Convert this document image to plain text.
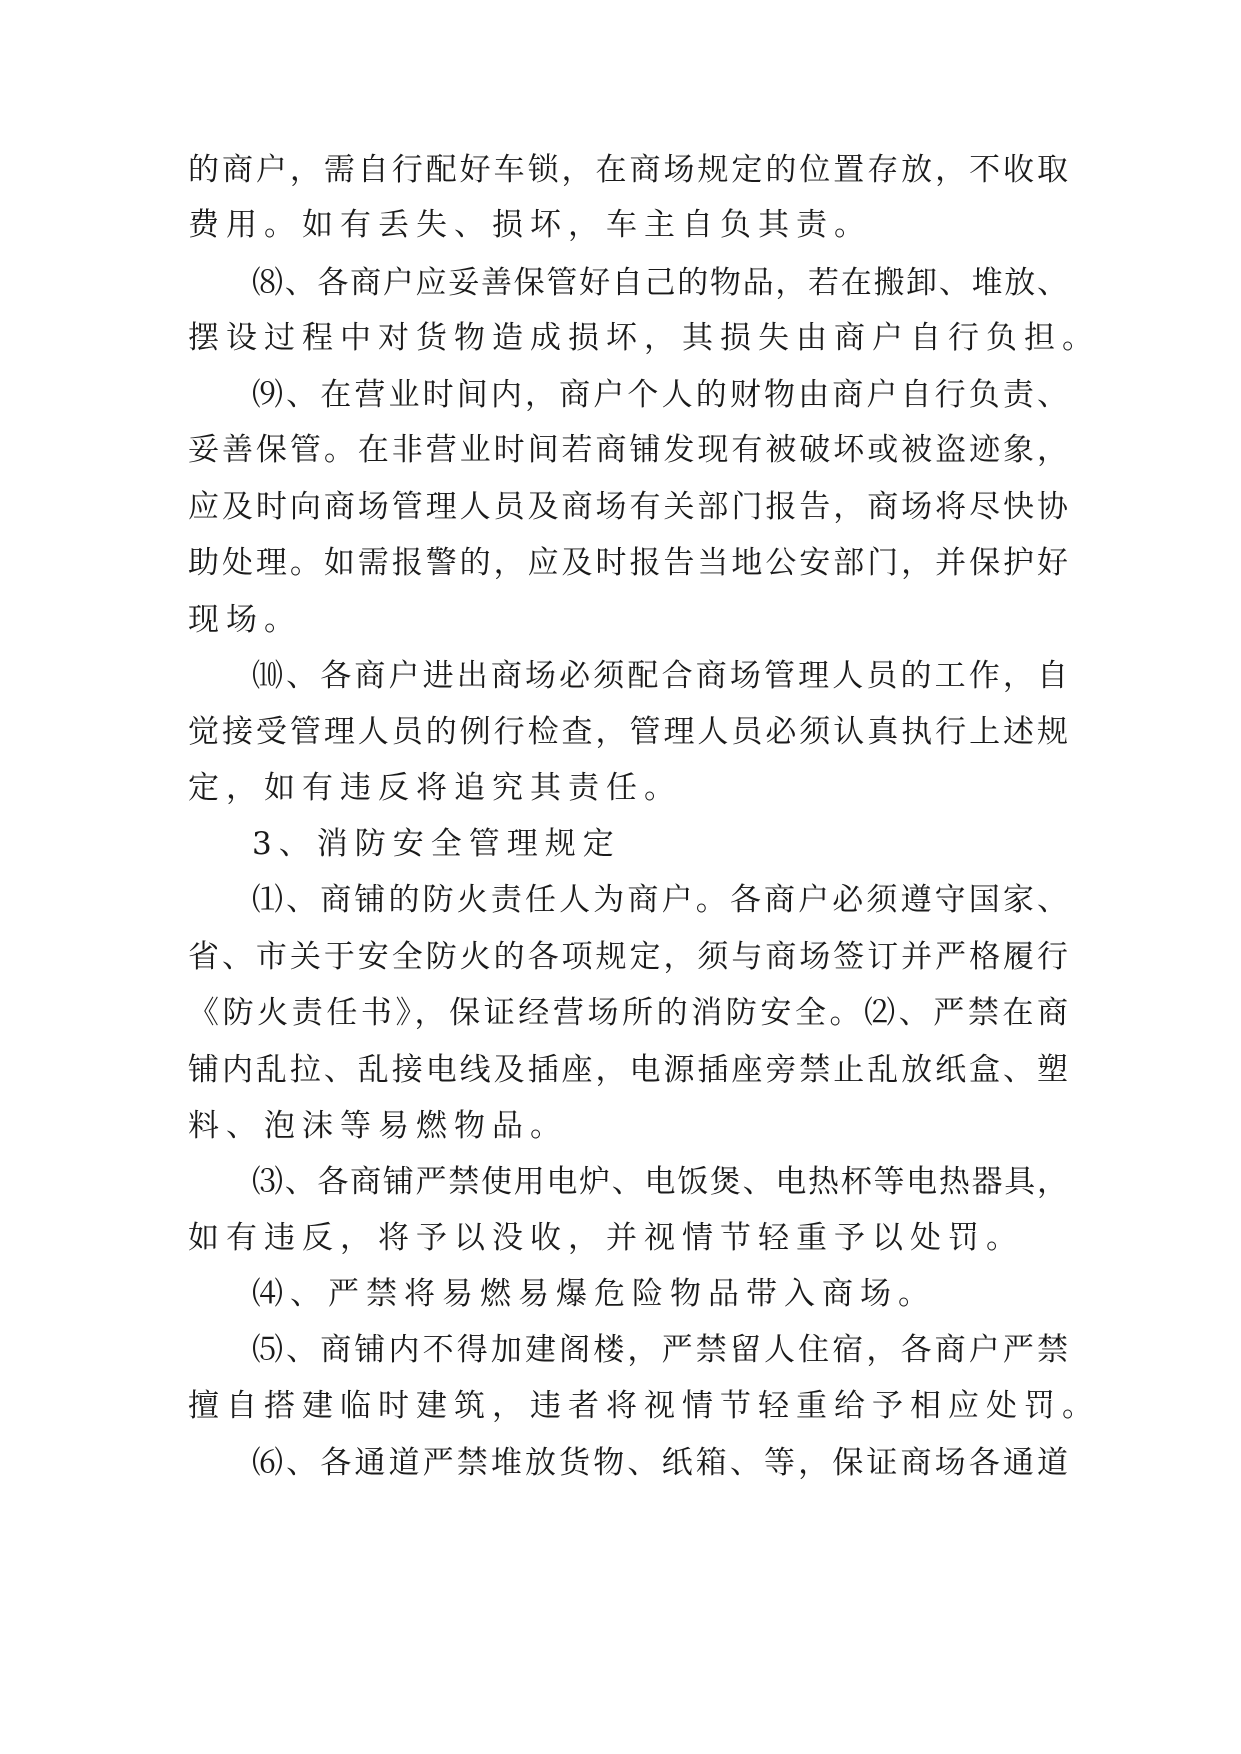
的商户，需自行配好车锁，在商场规定的位置存放，不收取
费用。如有丢失、损坏，车主自负其责。
⑻、各商户应妥善保管好自己的物品，若在搬卸、堆放、
摆设过程中对货物造成损坏，其损失由商户自行负担。
⑼、在营业时间内，商户个人的财物由商户自行负责、
妥善保管。在非营业时间若商铺发现有被破坏或被盗迹象，
应及时向商场管理人员及商场有关部门报告，商场将尽快协
助处理。如需报警的，应及时报告当地公安部门，并保护好
现场。
⑽、各商户进出商场必须配合商场管理人员的工作，自
觉接受管理人员的例行检查，管理人员必须认真执行上述规
定，如有违反将追究其责任。
3、消防安全管理规定
⑴、商铺的防火责任人为商户。各商户必须遵守国家、
省、市关于安全防火的各项规定，须与商场签订并严格履行
《防火责任书》，保证经营场所的消防安全。⑵、严禁在商
铺内乱拉、乱接电线及插座，电源插座旁禁止乱放纸盒、塑
料、泡沫等易燃物品。
⑶、各商铺严禁使用电炉、电饭煲、电热杯等电热器具，
如有违反，将予以没收，并视情节轻重予以处罚。
⑷、严禁将易燃易爆危险物品带入商场。
⑸、商铺内不得加建阁楼，严禁留人住宿，各商户严禁
擅自搭建临时建筑，违者将视情节轻重给予相应处罚。
⑹、各通道严禁堆放货物、纸箱、等，保证商场各通道
